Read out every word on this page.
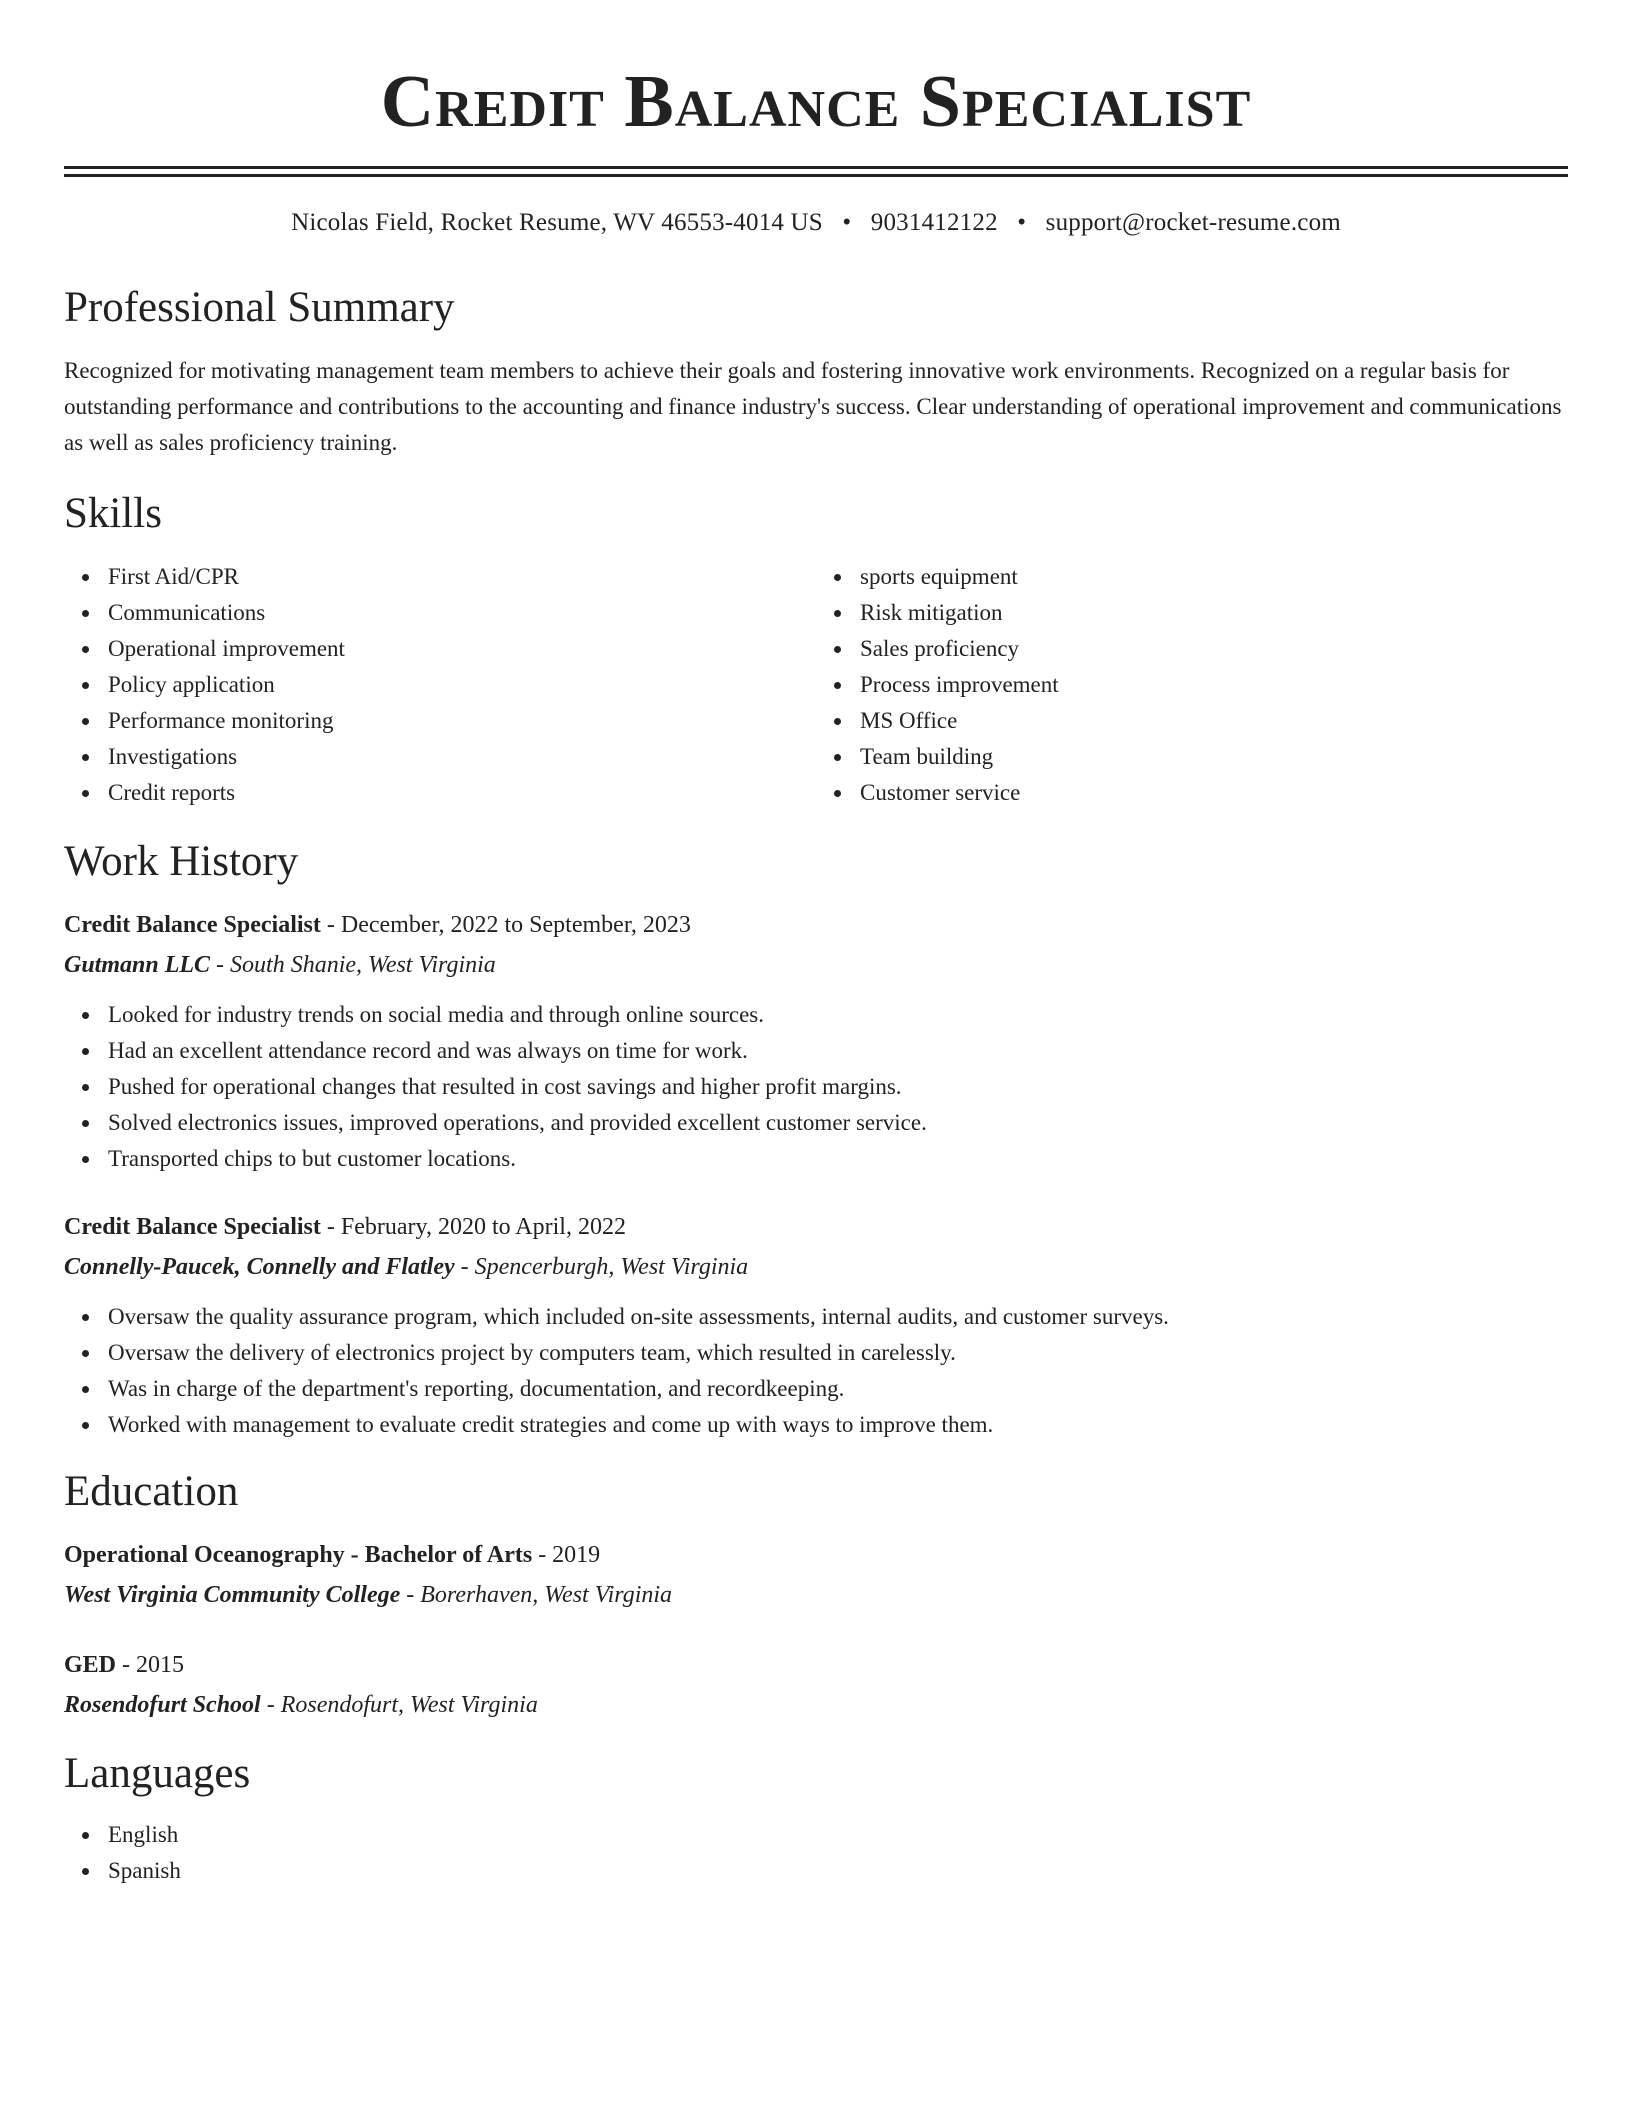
Credit Balance Specialist
Nicolas Field, Rocket Resume, WV 46553-4014 US • 9031412122 • support@rocket-resume.com
Professional Summary

Recognized for motivating management team members to achieve their goals and fostering innovative work environments. Recognized on a regular basis for outstanding performance and contributions to the accounting and finance industry's success. Clear understanding of operational improvement and communications as well as sales proficiency training.

Skills
First Aid/CPR
Communications
Operational improvement
Policy application
Performance monitoring
Investigations
Credit reports
sports equipment
Risk mitigation
Sales proficiency
Process improvement
MS Office
Team building
Customer service
Work History
Credit Balance Specialist - December, 2022 to September, 2023
Gutmann LLC - South Shanie, West Virginia
Looked for industry trends on social media and through online sources.
Had an excellent attendance record and was always on time for work.
Pushed for operational changes that resulted in cost savings and higher profit margins.
Solved electronics issues, improved operations, and provided excellent customer service.
Transported chips to but customer locations.
Credit Balance Specialist - February, 2020 to April, 2022
Connelly-Paucek, Connelly and Flatley - Spencerburgh, West Virginia
Oversaw the quality assurance program, which included on-site assessments, internal audits, and customer surveys.
Oversaw the delivery of electronics project by computers team, which resulted in carelessly.
Was in charge of the department's reporting, documentation, and recordkeeping.
Worked with management to evaluate credit strategies and come up with ways to improve them.
Education
Operational Oceanography - Bachelor of Arts - 2019
West Virginia Community College - Borerhaven, West Virginia
GED - 2015
Rosendofurt School - Rosendofurt, West Virginia
Languages
English
Spanish
